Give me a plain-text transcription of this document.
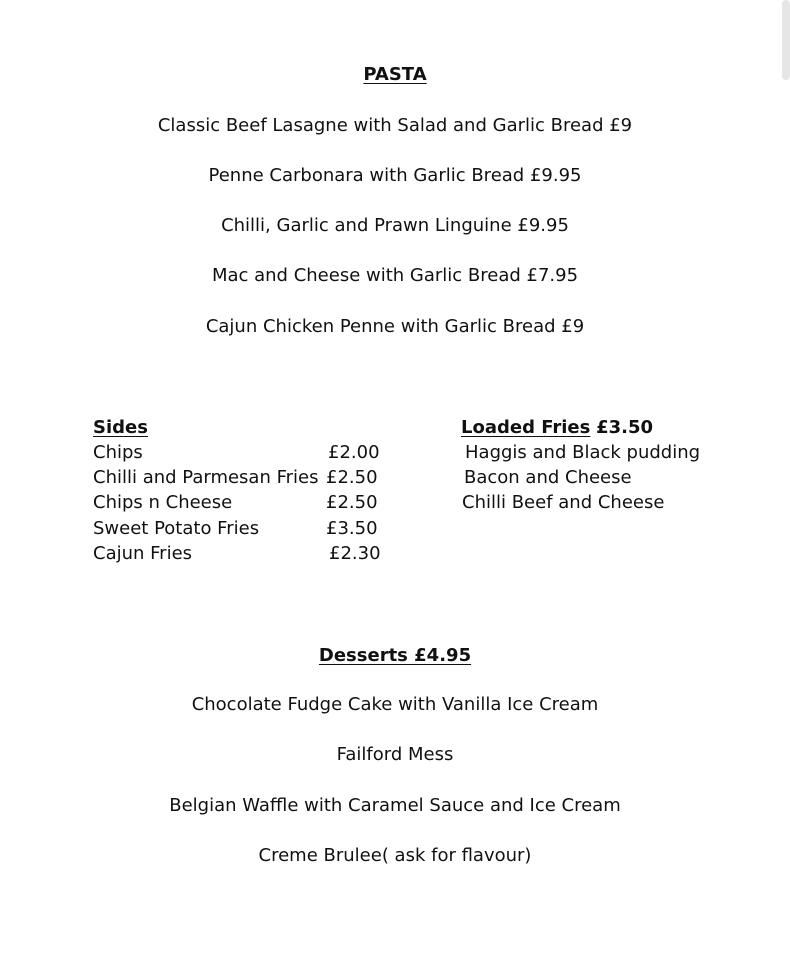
PASTA
Classic Beef Lasagne with Salad and Garlic Bread £9
Penne Carbonara with Garlic Bread £9.95
Chilli, Garlic and Prawn Linguine £9.95
Mac and Cheese with Garlic Bread £7.95
Cajun Chicken Penne with Garlic Bread £9
Sides
Chips	£2.00
Chilli and Parmesan Fries £2.50
Chips n Cheese	£2.50
Sweet Potato Fries	£3.50
Cajun Fries	£2.30
Loaded Fries £3.50
Haggis and Black pudding
Bacon and Cheese
Chilli Beef and Cheese
Desserts £4.95
Chocolate Fudge Cake with Vanilla Ice Cream
Failford Mess
Belgian Waffle with Caramel Sauce and Ice Cream
Creme Brulee( ask for flavour)
